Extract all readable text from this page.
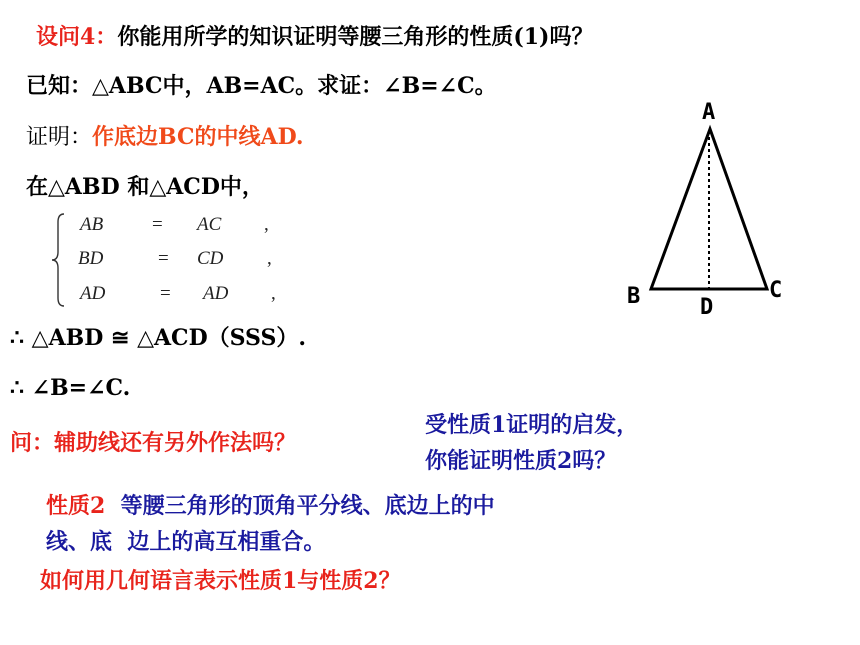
设问4：你能用所学的知识证明等腰三角形的性质(1)吗？
已知：△ABC中，AB=AC。求证：∠B=∠C。
证明：作底边BC的中线AD.
在△ABD 和△ACD中，
AB	= AC ,
BD	= CD ,
AD	= AD ,
∴ △ABD ≅ △ACD（SSS）.
∴ ∠B=∠C.
问：辅助线还有另外作法吗？
受性质1证明的启发，
你能证明性质2吗？
性质2  等腰三角形的顶角平分线、底边上的中
线、底  边上的高互相重合。
如何用几何语言表示性质1与性质2？
A
B	C
D
